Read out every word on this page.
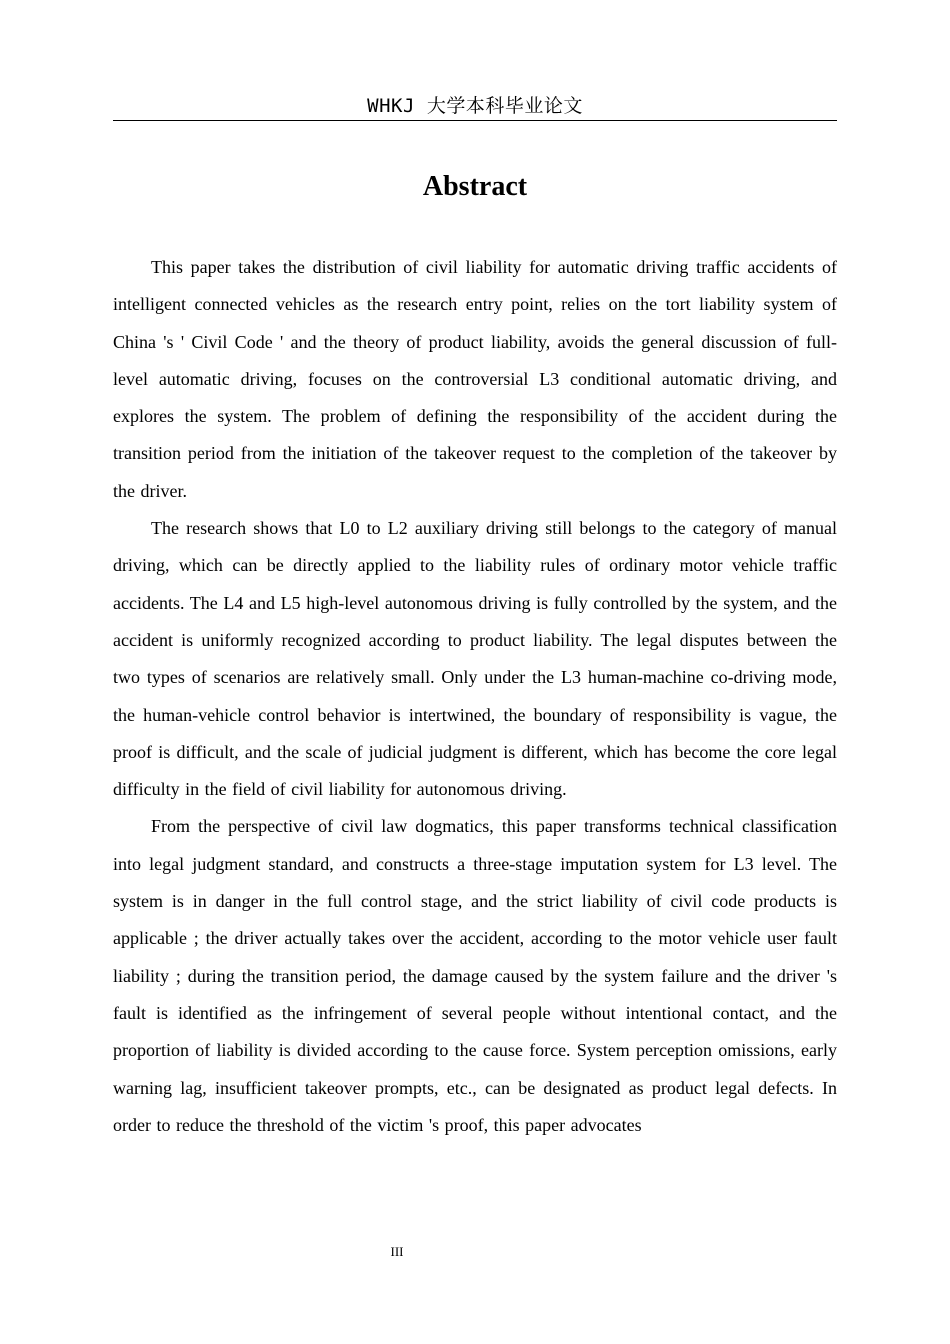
WHKJ 大学本科毕业论文
Abstract

This paper takes the distribution of civil liability for automatic driving traffic accidents of intelligent connected vehicles as the research entry point, relies on the tort liability system of China 's ' Civil Code ' and the theory of product liability, avoids the general discussion of full-level automatic driving, focuses on the controversial L3 conditional automatic driving, and explores the system. The problem of defining the responsibility of the accident during the transition period from the initiation of the takeover request to the completion of the takeover by the driver.

The research shows that L0 to L2 auxiliary driving still belongs to the category of manual driving, which can be directly applied to the liability rules of ordinary motor vehicle traffic accidents. The L4 and L5 high-level autonomous driving is fully controlled by the system, and the accident is uniformly recognized according to product liability. The legal disputes between the two types of scenarios are relatively small. Only under the L3 human-machine co-driving mode, the human-vehicle control behavior is intertwined, the boundary of responsibility is vague, the proof is difficult, and the scale of judicial judgment is different, which has become the core legal difficulty in the field of civil liability for autonomous driving.

From the perspective of civil law dogmatics, this paper transforms technical classification into legal judgment standard, and constructs a three-stage imputation system for L3 level. The system is in danger in the full control stage, and the strict liability of civil code products is applicable ; the driver actually takes over the accident, according to the motor vehicle user fault liability ; during the transition period, the damage caused by the system failure and the driver 's fault is identified as the infringement of several people without intentional contact, and the proportion of liability is divided according to the cause force. System perception omissions, early warning lag, insufficient takeover prompts, etc., can be designated as product legal defects. In order to reduce the threshold of the victim 's proof, this paper advocates

III
